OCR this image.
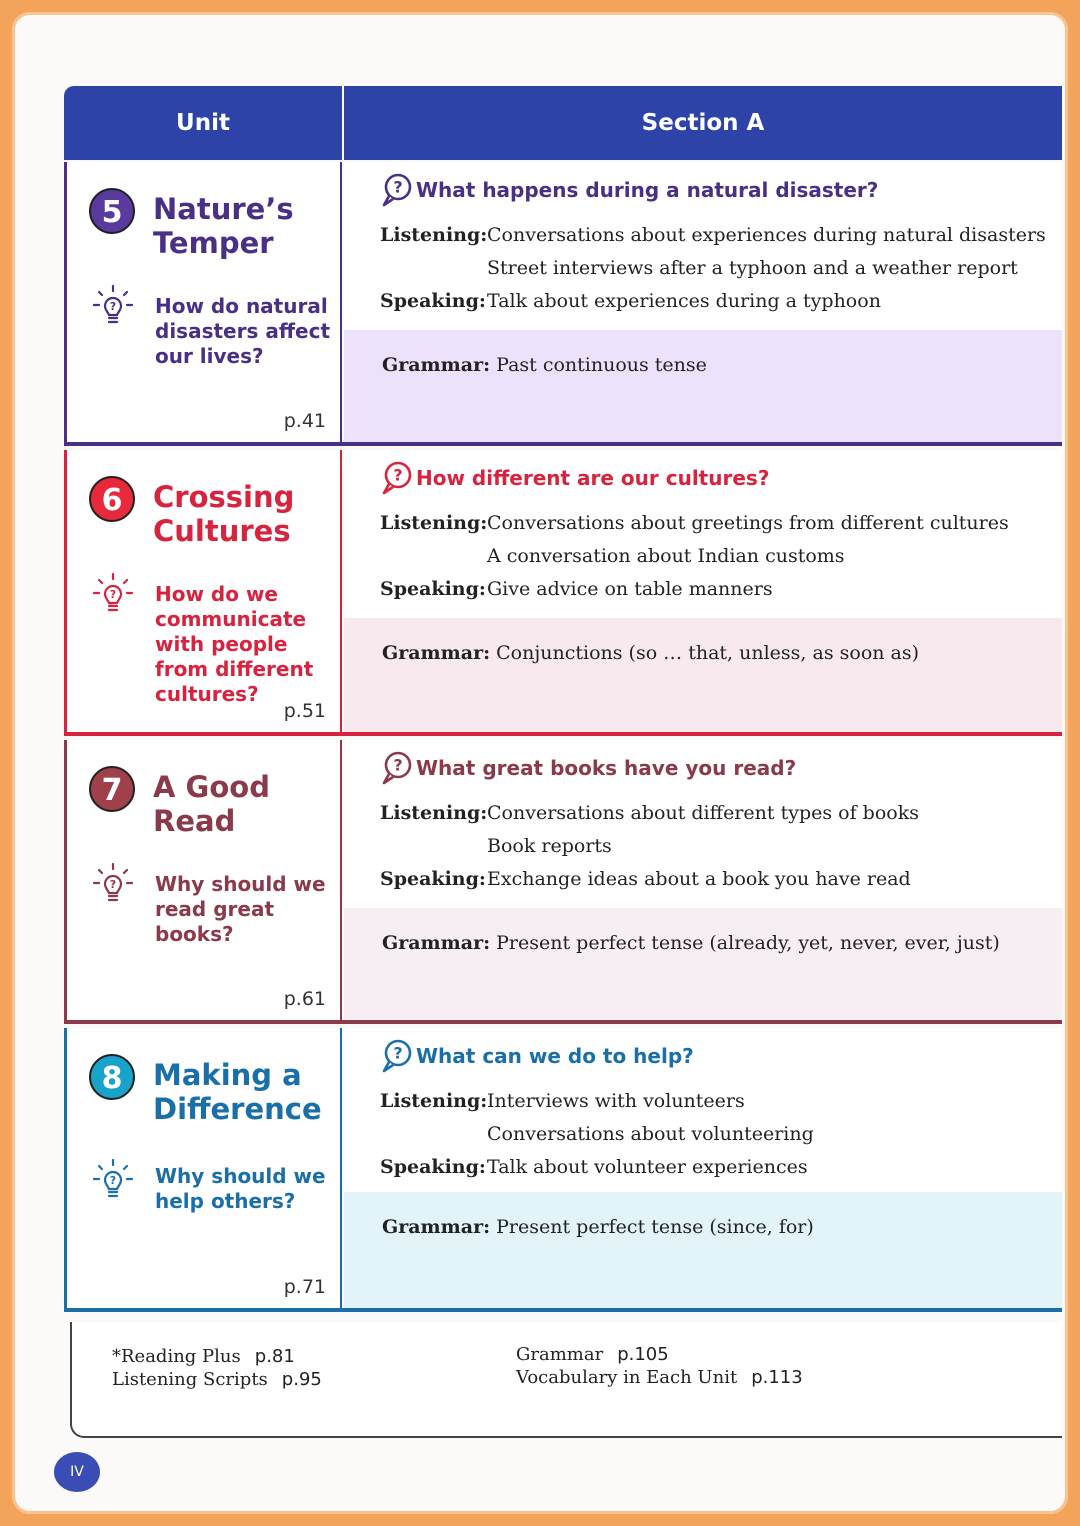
Unit	Section A
5	Nature’s
Temper
? How do natural disasters affect our lives?
p.41
? What happens during a natural disaster?
Listening:Conversations about experiences during natural disasters
Street interviews after a typhoon and a weather report
Speaking:Talk about experiences during a typhoon
Grammar: Past continuous tense
6	Crossing
Cultures
? How do we communicate with people from different cultures?
p.51
? How different are our cultures?
Listening:Conversations about greetings from different cultures
A conversation about Indian customs
Speaking:Give advice on table manners
Grammar: Conjunctions (so … that, unless, as soon as)
7	A Good
Read
? Why should we read great books?
p.61
? What great books have you read?
Listening:Conversations about different types of books
Book reports
Speaking:Exchange ideas about a book you have read
Grammar: Present perfect tense (already, yet, never, ever, just)
8	Making a
Difference
? Why should we help others?
p.71
? What can we do to help?
Listening:Interviews with volunteers
Conversations about volunteering
Speaking:Talk about volunteer experiences
Grammar: Present perfect tense (since, for)
*Reading Plus p.81
Listening Scripts p.95
Grammar p.105
Vocabulary in Each Unit p.113
IV
